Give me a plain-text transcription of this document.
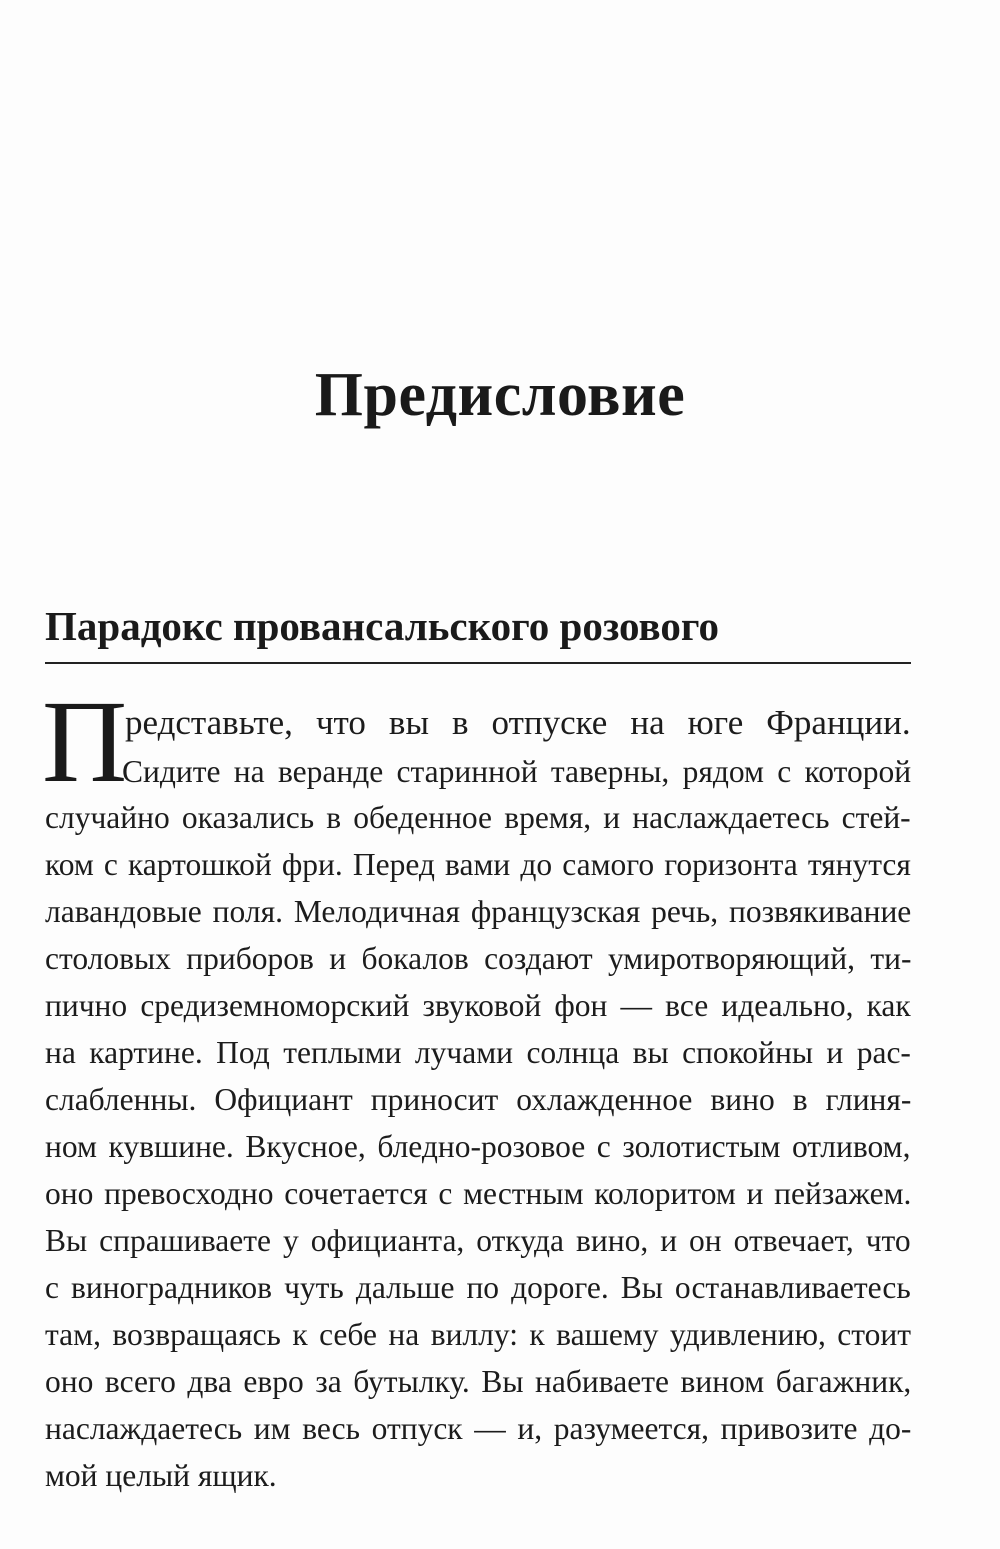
Предисловие
Парадокс провансальского розового
П

редставьте, что вы в отпуске на юге Франции.

Сидите на веранде старинной таверны, рядом с которой

случайно оказались в обеденное время, и наслаждаетесь стей-

ком с картошкой фри. Перед вами до самого горизонта тянутся

лавандовые поля. Мелодичная французская речь, позвякивание

столовых приборов и бокалов создают умиротворяющий, ти-

пично средиземноморский звуковой фон — все идеально, как

на картине. Под теплыми лучами солнца вы спокойны и рас-

слабленны. Официант приносит охлажденное вино в глиня-

ном кувшине. Вкусное, бледно-розовое с золотистым отливом,

оно превосходно сочетается с местным колоритом и пейзажем.

Вы спрашиваете у официанта, откуда вино, и он отвечает, что

с виноградников чуть дальше по дороге. Вы останавливаетесь

там, возвращаясь к себе на виллу: к вашему удивлению, стоит

оно всего два евро за бутылку. Вы набиваете вином багажник,

наслаждаетесь им весь отпуск — и, разумеется, привозите до-

мой целый ящик.
